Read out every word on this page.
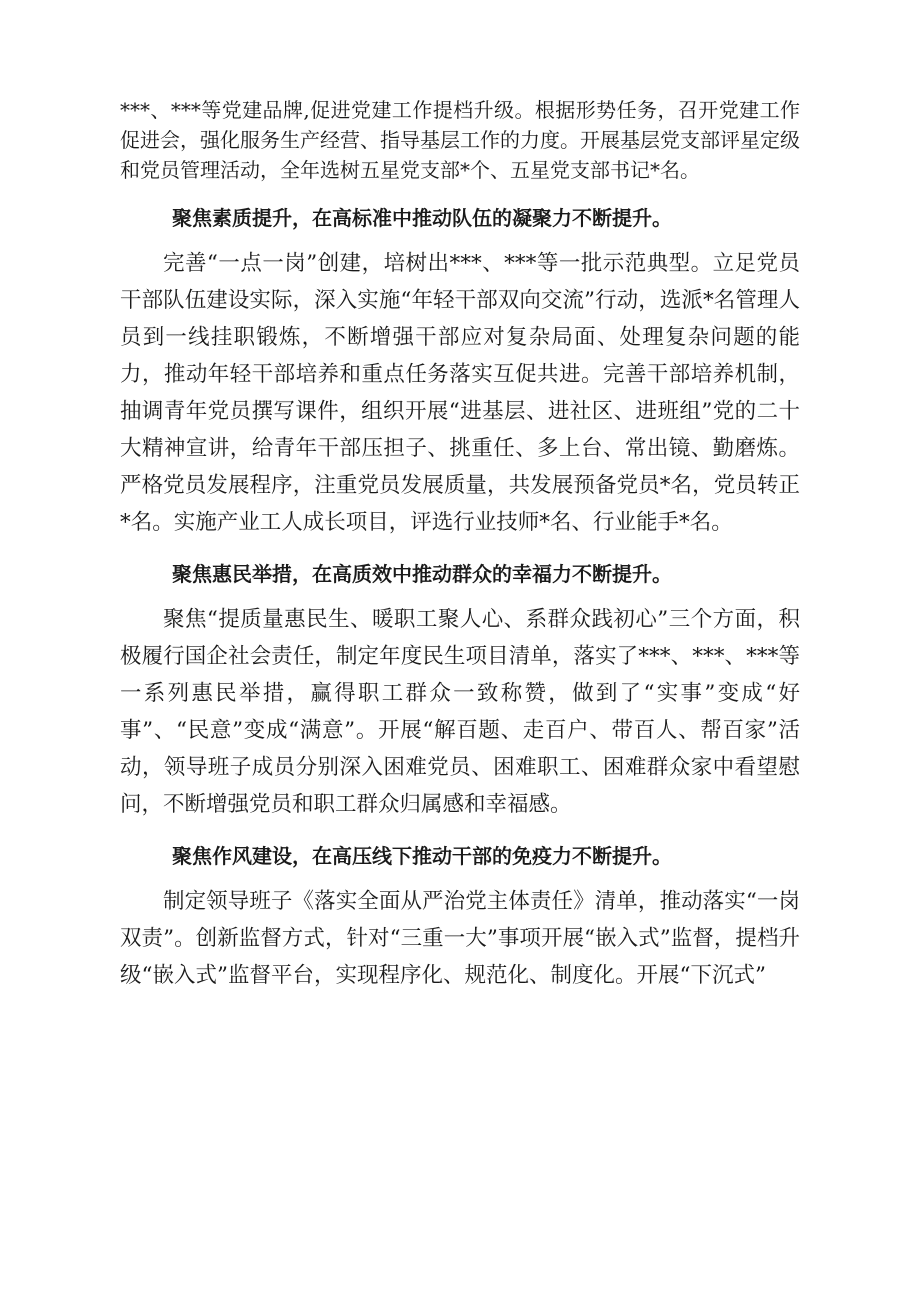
***、***等党建品牌,促进党建工作提档升级。根据形势任务，召开党建工作促进会，强化服务生产经营、指导基层工作的力度。开展基层党支部评星定级和党员管理活动，全年选树五星党支部*个、五星党支部书记*名。

聚焦素质提升，在高标准中推动队伍的凝聚力不断提升。

完善“一点一岗”创建，培树出***、***等一批示范典型。立足党员干部队伍建设实际，深入实施“年轻干部双向交流”行动，选派*名管理人员到一线挂职锻炼，不断增强干部应对复杂局面、处理复杂问题的能力，推动年轻干部培养和重点任务落实互促共进。完善干部培养机制，抽调青年党员撰写课件，组织开展“进基层、进社区、进班组”党的二十大精神宣讲，给青年干部压担子、挑重任、多上台、常出镜、勤磨炼。严格党员发展程序，注重党员发展质量，共发展预备党员*名，党员转正*名。实施产业工人成长项目，评选行业技师*名、行业能手*名。

聚焦惠民举措，在高质效中推动群众的幸福力不断提升。

聚焦“提质量惠民生、暖职工聚人心、系群众践初心”三个方面，积极履行国企社会责任，制定年度民生项目清单，落实了***、***、***等一系列惠民举措，赢得职工群众一致称赞，做到了“实事”变成“好事”、“民意”变成“满意”。开展“解百题、走百户、带百人、帮百家”活动，领导班子成员分别深入困难党员、困难职工、困难群众家中看望慰问，不断增强党员和职工群众归属感和幸福感。

聚焦作风建设，在高压线下推动干部的免疫力不断提升。

制定领导班子《落实全面从严治党主体责任》清单，推动落实“一岗双责”。创新监督方式，针对“三重一大”事项开展“嵌入式”监督，提档升级“嵌入式”监督平台，实现程序化、规范化、制度化。开展“下沉式”
